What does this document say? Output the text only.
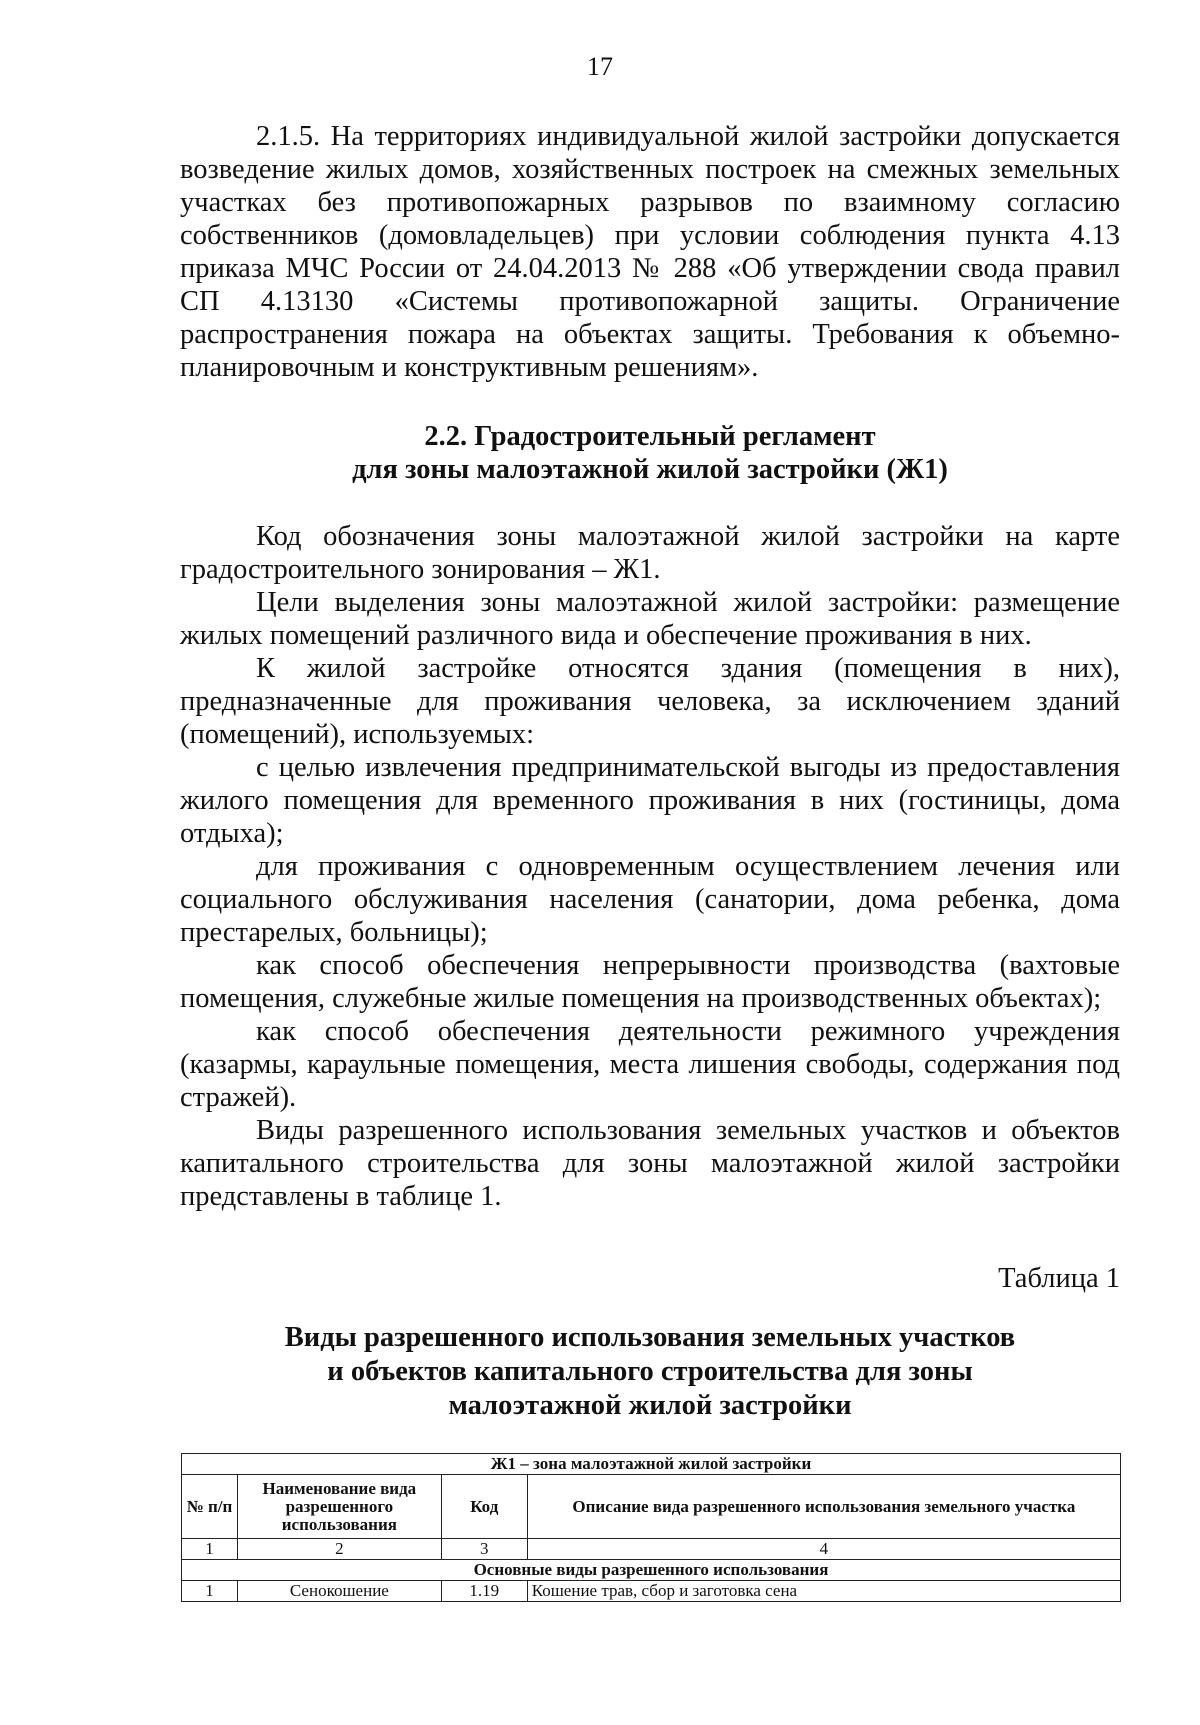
17

2.1.5. На территориях индивидуальной жилой застройки допускается возведение жилых домов, хозяйственных построек на смежных земельных участках без противопожарных разрывов по взаимному согласию собственников (домовладельцев) при условии соблюдения пункта 4.13 приказа МЧС России от 24.04.2013 № 288 «Об утверждении свода правил СП 4.13130 «Системы противопожарной защиты. Ограничение распространения пожара на объектах защиты. Требования к объемно-планировочным и конструктивным решениям».

2.2. Градостроительный регламент
для зоны малоэтажной жилой застройки (Ж1)

Код обозначения зоны малоэтажной жилой застройки на карте градостроительного зонирования – Ж1.

Цели выделения зоны малоэтажной жилой застройки: размещение жилых помещений различного вида и обеспечение проживания в них.

К жилой застройке относятся здания (помещения в них), предназначенные для проживания человека, за исключением зданий (помещений), используемых:

с целью извлечения предпринимательской выгоды из предоставления жилого помещения для временного проживания в них (гостиницы, дома отдыха);

для проживания с одновременным осуществлением лечения или социального обслуживания населения (санатории, дома ребенка, дома престарелых, больницы);

как способ обеспечения непрерывности производства (вахтовые помещения, служебные жилые помещения на производственных объектах);

как способ обеспечения деятельности режимного учреждения (казармы, караульные помещения, места лишения свободы, содержания под стражей).

Виды разрешенного использования земельных участков и объектов капитального строительства для зоны малоэтажной жилой застройки представлены в таблице 1.

Таблица 1
Виды разрешенного использования земельных участков
и объектов капитального строительства для зоны
малоэтажной жилой застройки
Ж1 – зона малоэтажной жилой застройки			
№ п/п	Наименование вида разрешенного использования	Код	Описание вида разрешенного использования земельного участка
1	2	3	4
Основные виды разрешенного использования			
1	Сенокошение	1.19	Кошение трав, сбор и заготовка сена
